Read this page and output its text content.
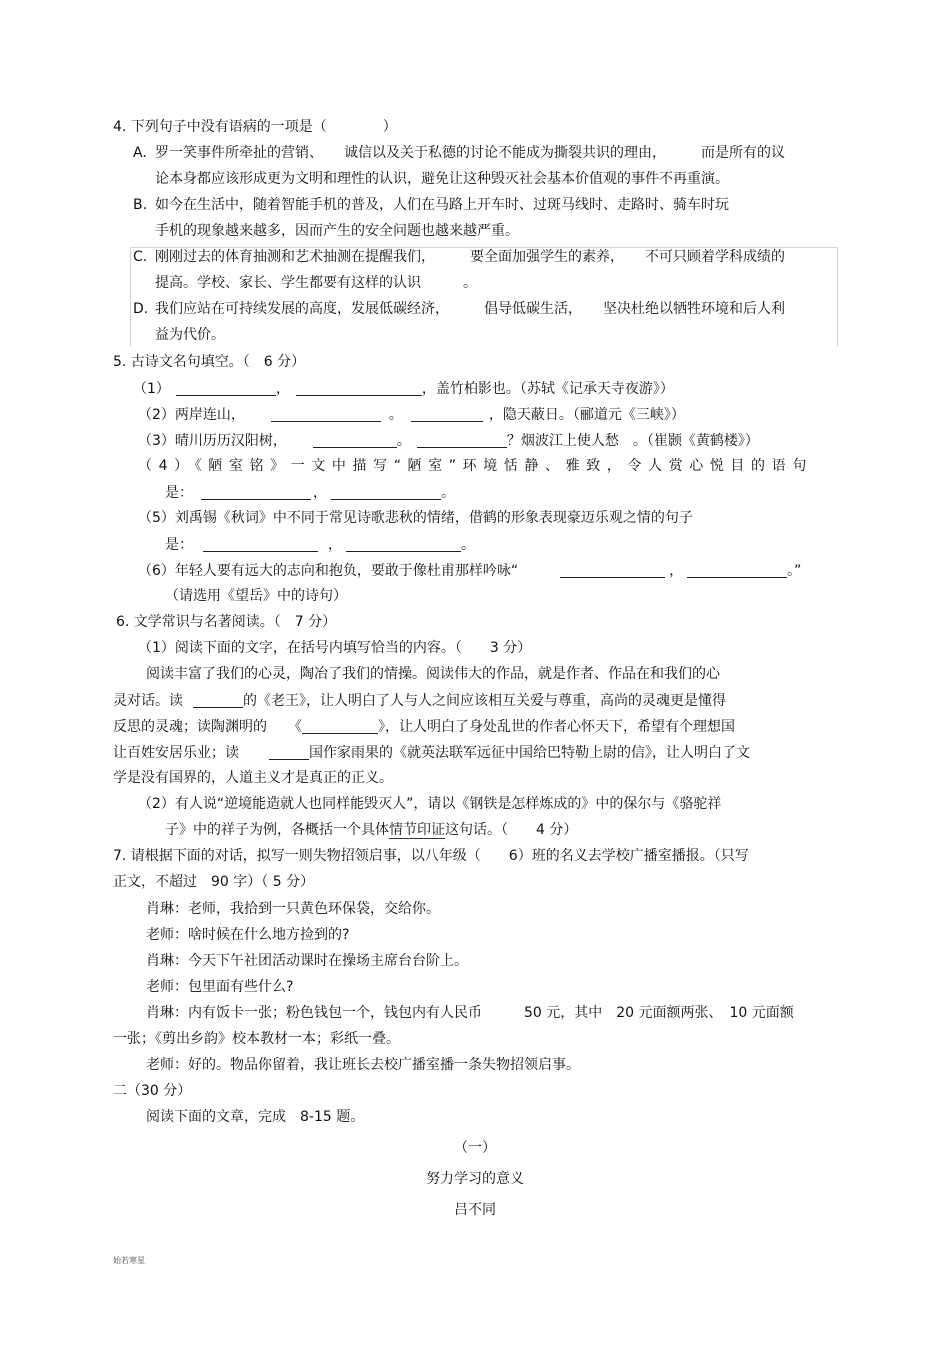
4. 下列句子中没有语病的一项是（　　　　）
A. 罗一笑事件所牵扯的营销、　　诚信以及关于私德的讨论不能成为撕裂共识的理由，　　　而是所有的议
论本身都应该形成更为文明和理性的认识，避免让这种毁灭社会基本价值观的事件不再重演。
B. 如今在生活中，随着智能手机的普及，人们在马路上开车时、过斑马线时、走路时、骑车时玩
手机的现象越来越多，因而产生的安全问题也越来越严重。
C. 刚刚过去的体育抽测和艺术抽测在提醒我们，　　　要全面加强学生的素养，　　不可只顾着学科成绩的
提高。学校、家长、学生都要有这样的认识　　　。
D. 我们应站在可持续发展的高度，发展低碳经济，　　　倡导低碳生活，　　坚决杜绝以牺牲环境和后人利
益为代价。
5. 古诗文名句填空。（　6 分）
（1）	，	，盖竹柏影也。（苏轼《记承天寺夜游》）
（2）两岸连山，	。	，隐天蔽日。（郦道元《三峡》）
（3）晴川历历汉阳树，	。	？烟波江上使人愁　。（崔颢《黄鹤楼》）
（4）《陋室铭》一文中描写“陋室”环境恬静、雅致，令人赏心悦目的语句
是：	，	。
（5）刘禹锡《秋词》中不同于常见诗歌悲秋的情绪，借鹤的形象表现豪迈乐观之情的句子
是：	，	。
（6）年轻人要有远大的志向和抱负，要敢于像杜甫那样吟咏“	，	。”
（请选用《望岳》中的诗句）
6. 文学常识与名著阅读。（　7 分）
（1）阅读下面的文字，在括号内填写恰当的内容。（　　3 分）
阅读丰富了我们的心灵，陶冶了我们的情操。阅读伟大的作品，就是作者、作品在和我们的心
灵对话。读	的《老王》，让人明白了人与人之间应该相互关爱与尊重，高尚的灵魂更是懂得
反思的灵魂；读陶渊明的　　《	》，让人明白了身处乱世的作者心怀天下，希望有个理想国
让百姓安居乐业；读	国作家雨果的《就英法联军远征中国给巴特勒上尉的信》，让人明白了文
学是没有国界的，人道主义才是真正的正义。
（2）有人说“逆境能造就人也同样能毁灭人”，请以《钢铁是怎样炼成的》中的保尔与《骆驼祥
子》中的祥子为例，各概括一个具体情节印证这句话。（　　4 分）
7. 请根据下面的对话，拟写一则失物招领启事，以八年级（　　6）班的名义去学校广播室播报。（只写
正文，不超过　90 字）（ 5 分）
肖琳：老师，我拾到一只黄色环保袋，交给你。
老师：啥时候在什么地方捡到的?
肖琳：今天下午社团活动课时在操场主席台台阶上。
老师：包里面有些什么?
肖琳：内有饭卡一张；粉色钱包一个，钱包内有人民币　　　50 元，其中　20 元面额两张、　10 元面额
一张；《剪出乡韵》校本教材一本；彩纸一叠。
老师：好的。物品你留着，我让班长去校广播室播一条失物招领启事。
二（30 分）
阅读下面的文章，完成　8-15 题。
（一）
努力学习的意义
吕不同
始若寒星
